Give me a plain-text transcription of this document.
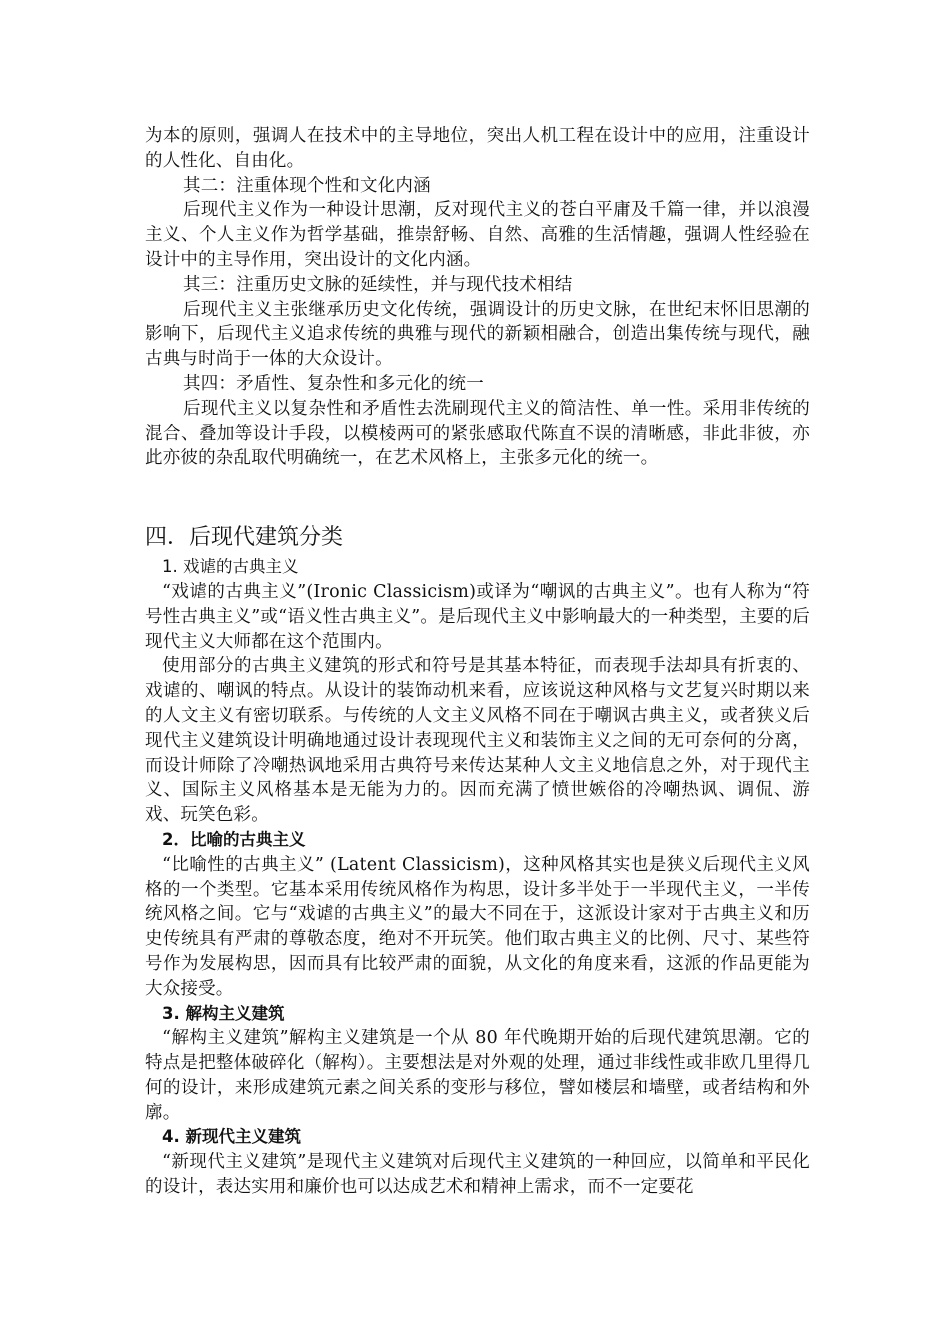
为本的原则，强调人在技术中的主导地位，突出人机工程在设计中的应用，注重设计的人性化、自由化。

其二：注重体现个性和文化内涵

后现代主义作为一种设计思潮，反对现代主义的苍白平庸及千篇一律，并以浪漫主义、个人主义作为哲学基础，推崇舒畅、自然、高雅的生活情趣，强调人性经验在设计中的主导作用，突出设计的文化内涵。

其三：注重历史文脉的延续性，并与现代技术相结

后现代主义主张继承历史文化传统，强调设计的历史文脉，在世纪末怀旧思潮的影响下，后现代主义追求传统的典雅与现代的新颖相融合，创造出集传统与现代，融古典与时尚于一体的大众设计。

其四：矛盾性、复杂性和多元化的统一

后现代主义以复杂性和矛盾性去洗刷现代主义的简洁性、单一性。采用非传统的混合、叠加等设计手段，以模棱两可的紧张感取代陈直不误的清晰感，非此非彼，亦此亦彼的杂乱取代明确统一，在艺术风格上，主张多元化的统一。

四．后现代建筑分类

1. 戏谑的古典主义

“戏谑的古典主义”(Ironic Classicism)或译为“嘲讽的古典主义”。也有人称为“符号性古典主义”或“语义性古典主义”。是后现代主义中影响最大的一种类型，主要的后现代主义大师都在这个范围内。

使用部分的古典主义建筑的形式和符号是其基本特征，而表现手法却具有折衷的、戏谑的、嘲讽的特点。从设计的装饰动机来看，应该说这种风格与文艺复兴时期以来的人文主义有密切联系。与传统的人文主义风格不同在于嘲讽古典主义，或者狭义后现代主义建筑设计明确地通过设计表现现代主义和装饰主义之间的无可奈何的分离，而设计师除了冷嘲热讽地采用古典符号来传达某种人文主义地信息之外，对于现代主义、国际主义风格基本是无能为力的。因而充满了愤世嫉俗的冷嘲热讽、调侃、游戏、玩笑色彩。

2．比喻的古典主义

“比喻性的古典主义” (Latent Classicism)，这种风格其实也是狭义后现代主义风格的一个类型。它基本采用传统风格作为构思，设计多半处于一半现代主义，一半传统风格之间。它与“戏谑的古典主义”的最大不同在于，这派设计家对于古典主义和历史传统具有严肃的尊敬态度，绝对不开玩笑。他们取古典主义的比例、尺寸、某些符号作为发展构思，因而具有比较严肃的面貌，从文化的角度来看，这派的作品更能为大众接受。

3. 解构主义建筑

“解构主义建筑”解构主义建筑是一个从 80 年代晚期开始的后现代建筑思潮。它的特点是把整体破碎化（解构）。主要想法是对外观的处理，通过非线性或非欧几里得几何的设计，来形成建筑元素之间关系的变形与移位，譬如楼层和墙壁，或者结构和外廓。

4. 新现代主义建筑

“新现代主义建筑”是现代主义建筑对后现代主义建筑的一种回应，以简单和平民化的设计，表达实用和廉价也可以达成艺术和精神上需求，而不一定要花
